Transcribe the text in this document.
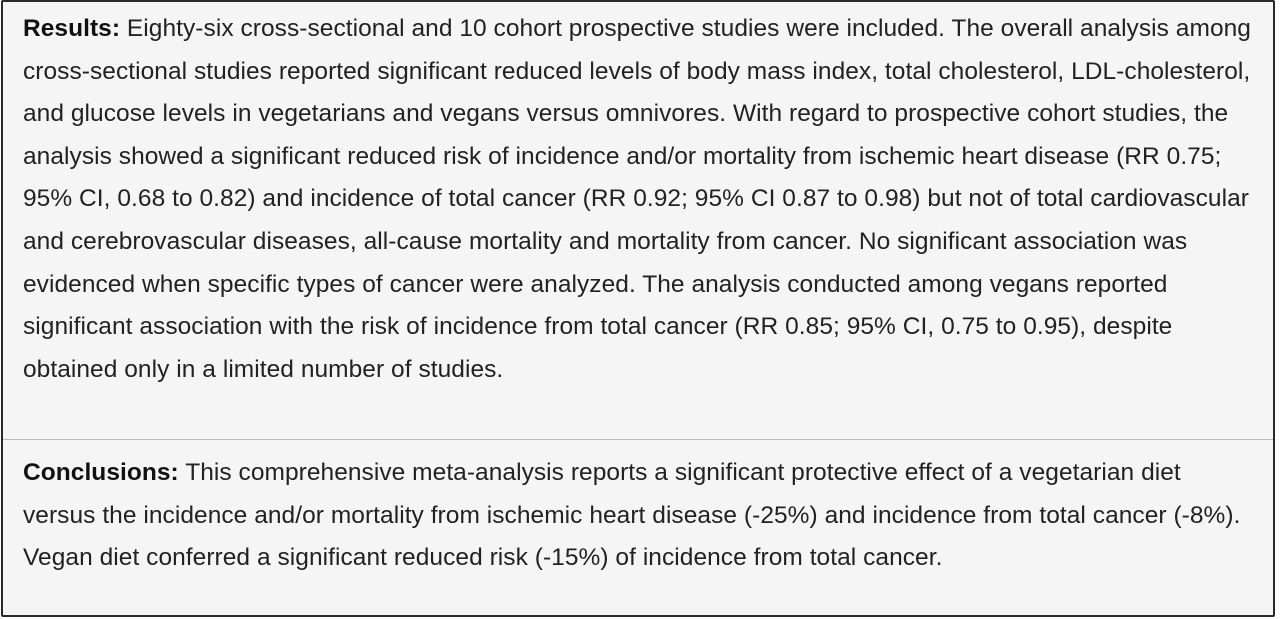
Results: Eighty-six cross-sectional and 10 cohort prospective studies were included. The overall analysis among cross-sectional studies reported significant reduced levels of body mass index, total cholesterol, LDL-cholesterol, and glucose levels in vegetarians and vegans versus omnivores. With regard to prospective cohort studies, the analysis showed a significant reduced risk of incidence and/or mortality from ischemic heart disease (RR 0.75; 95% CI, 0.68 to 0.82) and incidence of total cancer (RR 0.92; 95% CI 0.87 to 0.98) but not of total cardiovascular and cerebrovascular diseases, all-cause mortality and mortality from cancer. No significant association was evidenced when specific types of cancer were analyzed. The analysis conducted among vegans reported significant association with the risk of incidence from total cancer (RR 0.85; 95% CI, 0.75 to 0.95), despite obtained only in a limited number of studies.

Conclusions: This comprehensive meta-analysis reports a significant protective effect of a vegetarian diet versus the incidence and/or mortality from ischemic heart disease (-25%) and incidence from total cancer (-8%). Vegan diet conferred a significant reduced risk (-15%) of incidence from total cancer.
